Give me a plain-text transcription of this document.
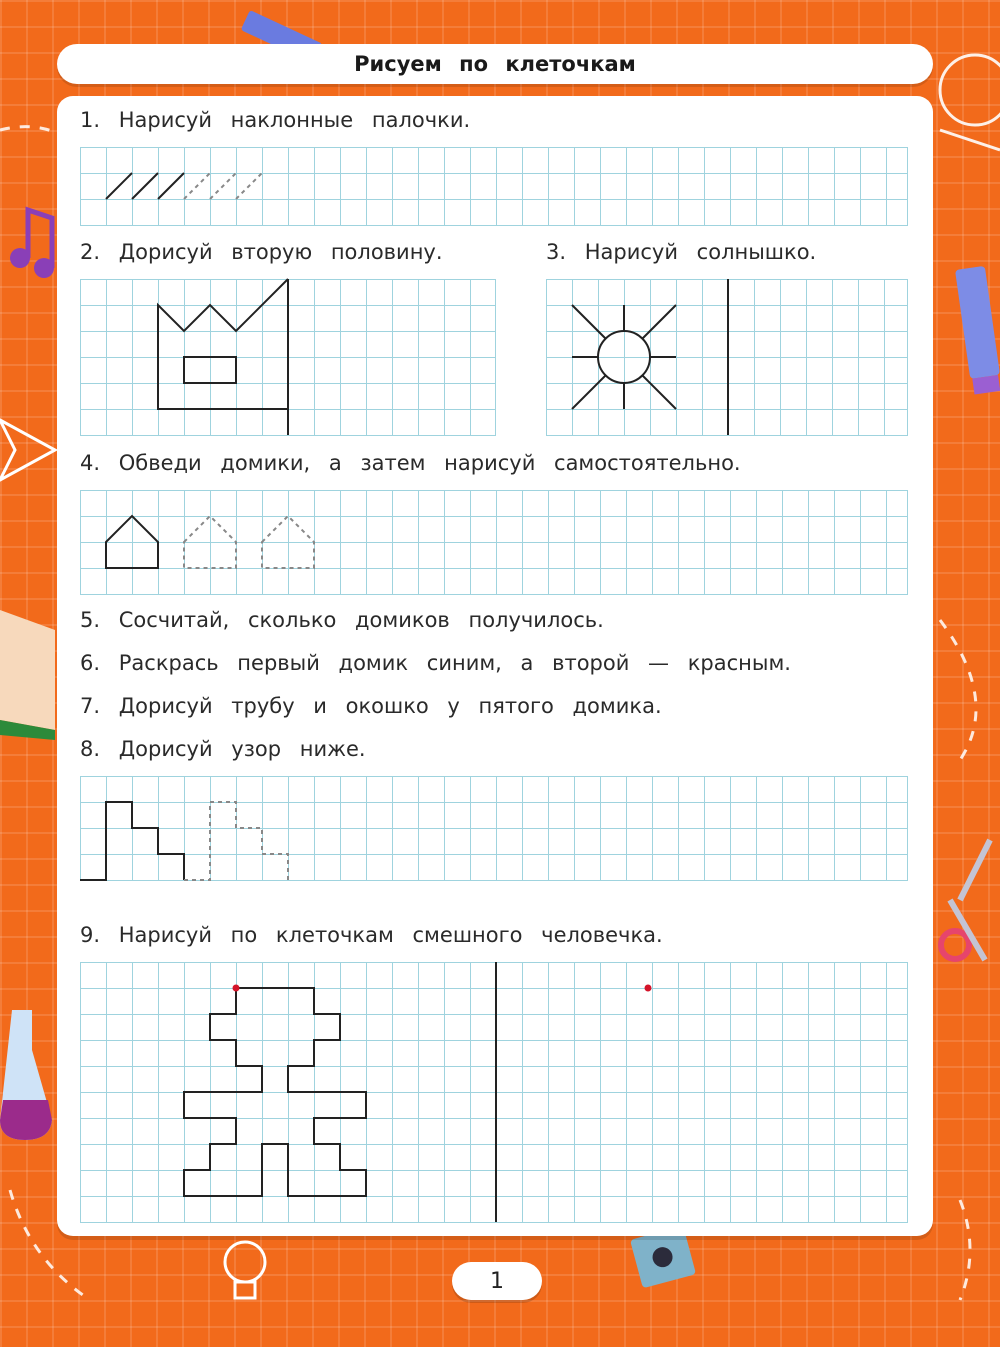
Рисуем по клеточкам
1. Нарисуй наклонные палочки.
2. Дорисуй вторую половину.	3. Нарисуй солнышко.
4. Обведи домики, а затем нарисуй самостоятельно.
5. Сосчитай, сколько домиков получилось.
6. Раскрась первый домик синим, а второй — красным.
7. Дорисуй трубу и окошко у пятого домика.
8. Дорисуй узор ниже.
9. Нарисуй по клеточкам смешного человечка.
1
